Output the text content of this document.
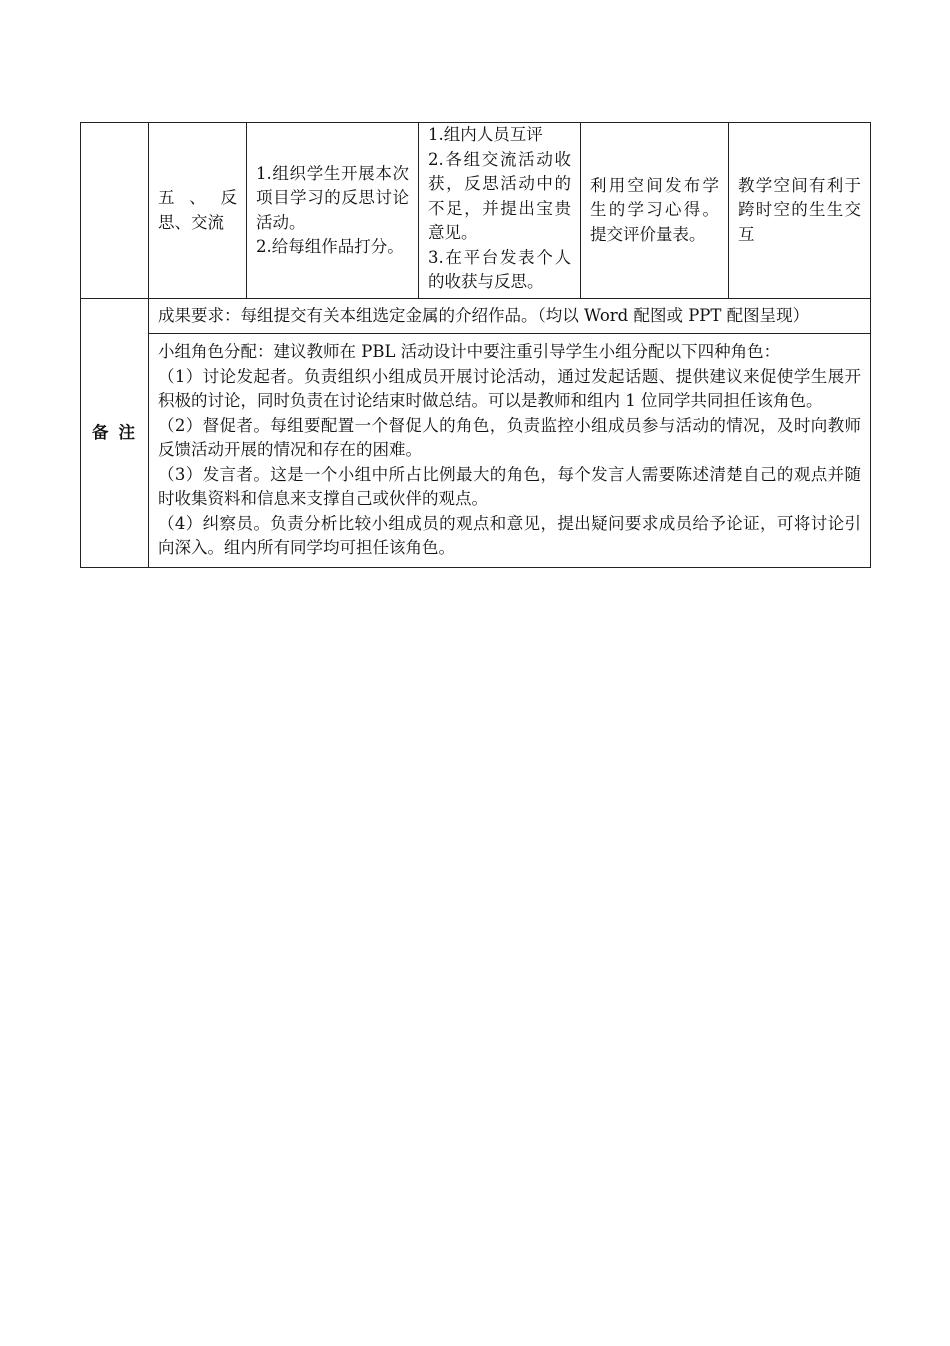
	五、反思、交流	1.组织学生开展本次项目学习的反思讨论活动。
2.给每组作品打分。	1.组内人员互评
2.各组交流活动收获，反思活动中的不足，并提出宝贵意见。
3.在平台发表个人的收获与反思。	利用空间发布学生的学习心得。提交评价量表。	教学空间有利于跨时空的生生交互
备注	成果要求：每组提交有关本组选定金属的介绍作品。（均以 Word 配图或 PPT 配图呈现）				

	小组角色分配：建议教师在 PBL 活动设计中要注重引导学生小组分配以下四种角色：

（1）讨论发起者。负责组织小组成员开展讨论活动，通过发起话题、提供建议来促使学生展开积极的讨论，同时负责在讨论结束时做总结。可以是教师和组内 1 位同学共同担任该角色。

（2）督促者。每组要配置一个督促人的角色，负责监控小组成员参与活动的情况，及时向教师反馈活动开展的情况和存在的困难。

（3）发言者。这是一个小组中所占比例最大的角色，每个发言人需要陈述清楚自己的观点并随时收集资料和信息来支撑自己或伙伴的观点。

（4）纠察员。负责分析比较小组成员的观点和意见，提出疑问要求成员给予论证，可将讨论引向深入。组内所有同学均可担任该角色。				
